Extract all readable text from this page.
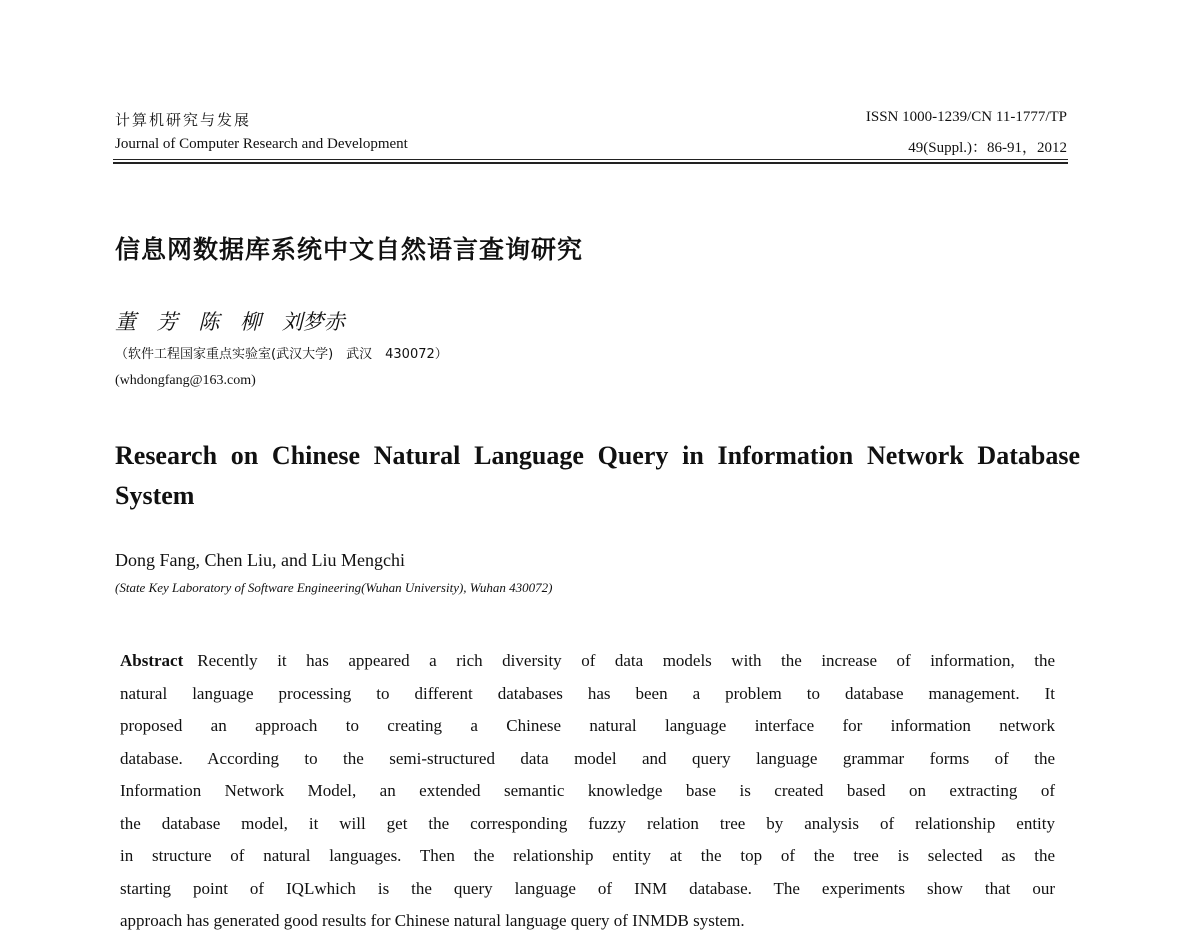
计算机研究与发展
Journal of Computer Research and Development
ISSN 1000-1239/CN 11-1777/TP
49(Suppl.)：86-91，2012
信息网数据库系统中文自然语言查询研究
董 芳 陈 柳 刘梦赤
（软件工程国家重点实验室(武汉大学)　武汉　430072）
(whdongfang@163.com)
Research on Chinese Natural Language Query in Information Network Database System
Dong Fang, Chen Liu, and Liu Mengchi
(State Key Laboratory of Software Engineering(Wuhan University), Wuhan 430072)
Abstract Recently it has appeared a rich diversity of data models with the increase of information, the
natural language processing to different databases has been a problem to database management. It
proposed an approach to creating a Chinese natural language interface for information network
database. According to the semi-structured data model and query language grammar forms of the
Information Network Model, an extended semantic knowledge base is created based on extracting of
the database model, it will get the corresponding fuzzy relation tree by analysis of relationship entity
in structure of natural languages. Then the relationship entity at the top of the tree is selected as the
starting point of IQLwhich is the query language of INM database. The experiments show that our
approach has generated good results for Chinese natural language query of INMDB system.
